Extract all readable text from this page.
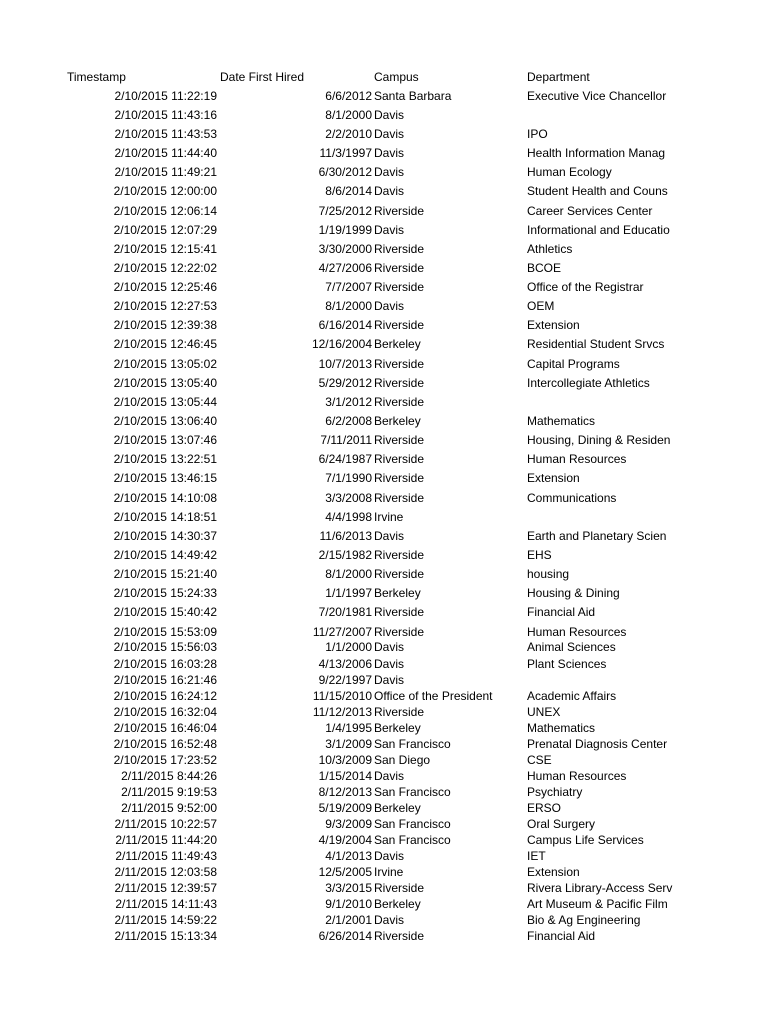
Timestamp	Date First Hired	Campus	Department
2/10/2015 11:22:19	6/6/2012 Santa Barbara	Executive Vice Chancellor
2/10/2015 11:43:16	8/1/2000 Davis
2/10/2015 11:43:53	2/2/2010 Davis	IPO
2/10/2015 11:44:40	11/3/1997 Davis	Health Information Manag
2/10/2015 11:49:21	6/30/2012 Davis	Human Ecology
2/10/2015 12:00:00	8/6/2014 Davis	Student Health and Couns
2/10/2015 12:06:14	7/25/2012 Riverside	Career Services Center
2/10/2015 12:07:29	1/19/1999 Davis	Informational and Educatio
2/10/2015 12:15:41	3/30/2000 Riverside	Athletics
2/10/2015 12:22:02	4/27/2006 Riverside	BCOE
2/10/2015 12:25:46	7/7/2007 Riverside	Office of the Registrar
2/10/2015 12:27:53	8/1/2000 Davis	OEM
2/10/2015 12:39:38	6/16/2014 Riverside	Extension
2/10/2015 12:46:45	12/16/2004 Berkeley	Residential Student Srvcs
2/10/2015 13:05:02	10/7/2013 Riverside	Capital Programs
2/10/2015 13:05:40	5/29/2012 Riverside	Intercollegiate Athletics
2/10/2015 13:05:44	3/1/2012 Riverside
2/10/2015 13:06:40	6/2/2008 Berkeley	Mathematics
2/10/2015 13:07:46	7/11/2011 Riverside	Housing, Dining & Residen
2/10/2015 13:22:51	6/24/1987 Riverside	Human Resources
2/10/2015 13:46:15	7/1/1990 Riverside	Extension
2/10/2015 14:10:08	3/3/2008 Riverside	Communications
2/10/2015 14:18:51	4/4/1998 Irvine
2/10/2015 14:30:37	11/6/2013 Davis	Earth and Planetary Scien
2/10/2015 14:49:42	2/15/1982 Riverside	EHS
2/10/2015 15:21:40	8/1/2000 Riverside	housing
2/10/2015 15:24:33	1/1/1997 Berkeley	Housing & Dining
2/10/2015 15:40:42	7/20/1981 Riverside	Financial Aid
2/10/2015 15:53:09	11/27/2007 Riverside	Human Resources
2/10/2015 15:56:03	1/1/2000 Davis	Animal Sciences
2/10/2015 16:03:28	4/13/2006 Davis	Plant Sciences
2/10/2015 16:21:46	9/22/1997 Davis
2/10/2015 16:24:12	11/15/2010 Office of the President	Academic Affairs
2/10/2015 16:32:04	11/12/2013 Riverside	UNEX
2/10/2015 16:46:04	1/4/1995 Berkeley	Mathematics
2/10/2015 16:52:48	3/1/2009 San Francisco	Prenatal Diagnosis Center
2/10/2015 17:23:52	10/3/2009 San Diego	CSE
2/11/2015 8:44:26	1/15/2014 Davis	Human Resources
2/11/2015 9:19:53	8/12/2013 San Francisco	Psychiatry
2/11/2015 9:52:00	5/19/2009 Berkeley	ERSO
2/11/2015 10:22:57	9/3/2009 San Francisco	Oral Surgery
2/11/2015 11:44:20	4/19/2004 San Francisco	Campus Life Services
2/11/2015 11:49:43	4/1/2013 Davis	IET
2/11/2015 12:03:58	12/5/2005 Irvine	Extension
2/11/2015 12:39:57	3/3/2015 Riverside	Rivera Library-Access Serv
2/11/2015 14:11:43	9/1/2010 Berkeley	Art Museum & Pacific Film
2/11/2015 14:59:22	2/1/2001 Davis	Bio & Ag Engineering
2/11/2015 15:13:34	6/26/2014 Riverside	Financial Aid
